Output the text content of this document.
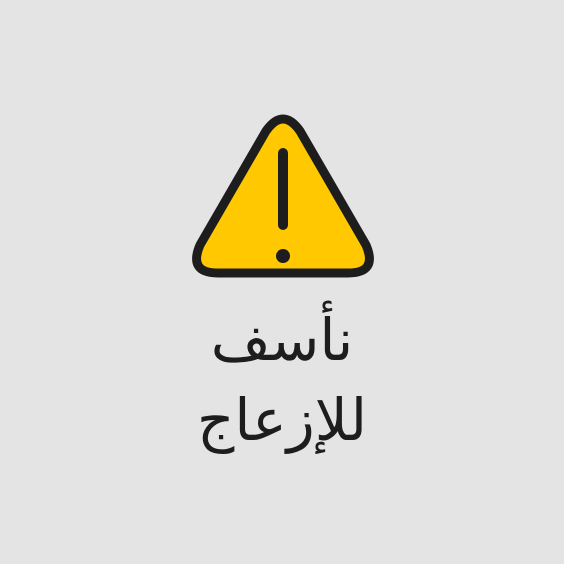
نأسف
للإزعاج
